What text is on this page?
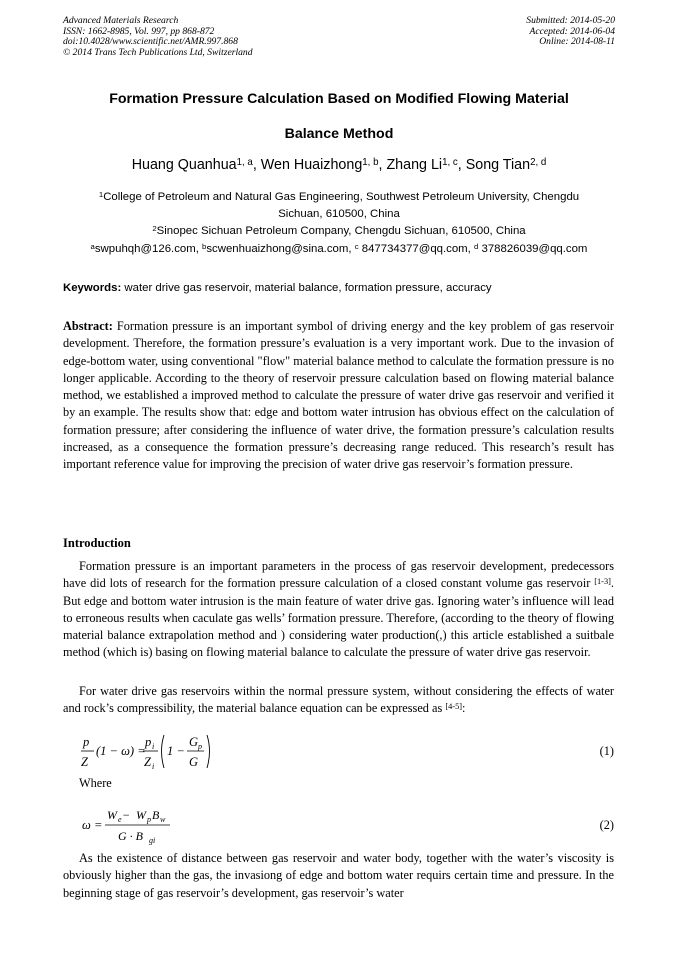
Advanced Materials Research
ISSN: 1662-8985, Vol. 997, pp 868-872
doi:10.4028/www.scientific.net/AMR.997.868
© 2014 Trans Tech Publications Ltd, Switzerland
Submitted: 2014-05-20
Accepted: 2014-06-04
Online: 2014-08-11
Formation Pressure Calculation Based on Modified Flowing Material
Balance Method
Huang Quanhua$^{1, a}$, Wen Huaizhong$^{1, b}$, Zhang Li$^{1, c}$, Song Tian$^{2, d}$
$^1$College of Petroleum and Natural Gas Engineering, Southwest Petroleum University, Chengdu
Sichuan, 610500, China
$^2$Sinopec Sichuan Petroleum Company, Chengdu Sichuan, 610500, China
$^a$swpuhqh@126.com, $^b$scwenhuaizhong@sina.com, $^c$ 847734377@qq.com, $^d$ 378826039@qq.com
Keywords: water drive gas reservoir, material balance, formation pressure, accuracy
Abstract: Formation pressure is an important symbol of driving energy and the key problem of gas reservoir development. Therefore, the formation pressure’s evaluation is a very important work. Due to the invasion of edge-bottom water, using conventional "flow" material balance method to calculate the formation pressure is no longer applicable. According to the theory of reservoir pressure calculation based on flowing material balance method, we established a improved method to calculate the pressure of water drive gas reservoir and verified it by an example. The results show that: edge and bottom water intrusion has obvious effect on the calculation of formation pressure; after considering the influence of water drive, the formation pressure’s calculation results increased, as a consequence the formation pressure’s decreasing range reduced. This research’s result has important reference value for improving the precision of water drive gas reservoir’s formation pressure.
Introduction
Formation pressure is an important parameters in the process of gas reservoir development, predecessors have did lots of research for the formation pressure calculation of a closed constant volume gas reservoir [1-3]. But edge and bottom water intrusion is the main feature of water drive gas. Ignoring water’s influence will lead to erroneous results when caculate gas wells’ formation pressure. Therefore, (according to the theory of flowing material balance extrapolation method and ) considering water production(,) this article established a suitbale method (which is) basing on flowing material balance to calculate the pressure of water drive gas reservoir.
For water drive gas reservoirs within the normal pressure system, without considering the effects of water and rock’s compressibility, the material balance equation can be expressed as [4-5]:
p
Z
(1 − ω) =
p i
Z i
1 −
G p
G
(1)
Where
ω =
W e − W p B w
G · B gi
(2)
As the existence of distance between gas reservoir and water body, together with the water’s viscosity is obviously higher than the gas, the invasiong of edge and bottom water requirs certain time and pressure. In the beginning stage of gas reservoir’s development, gas reservoir’s water
